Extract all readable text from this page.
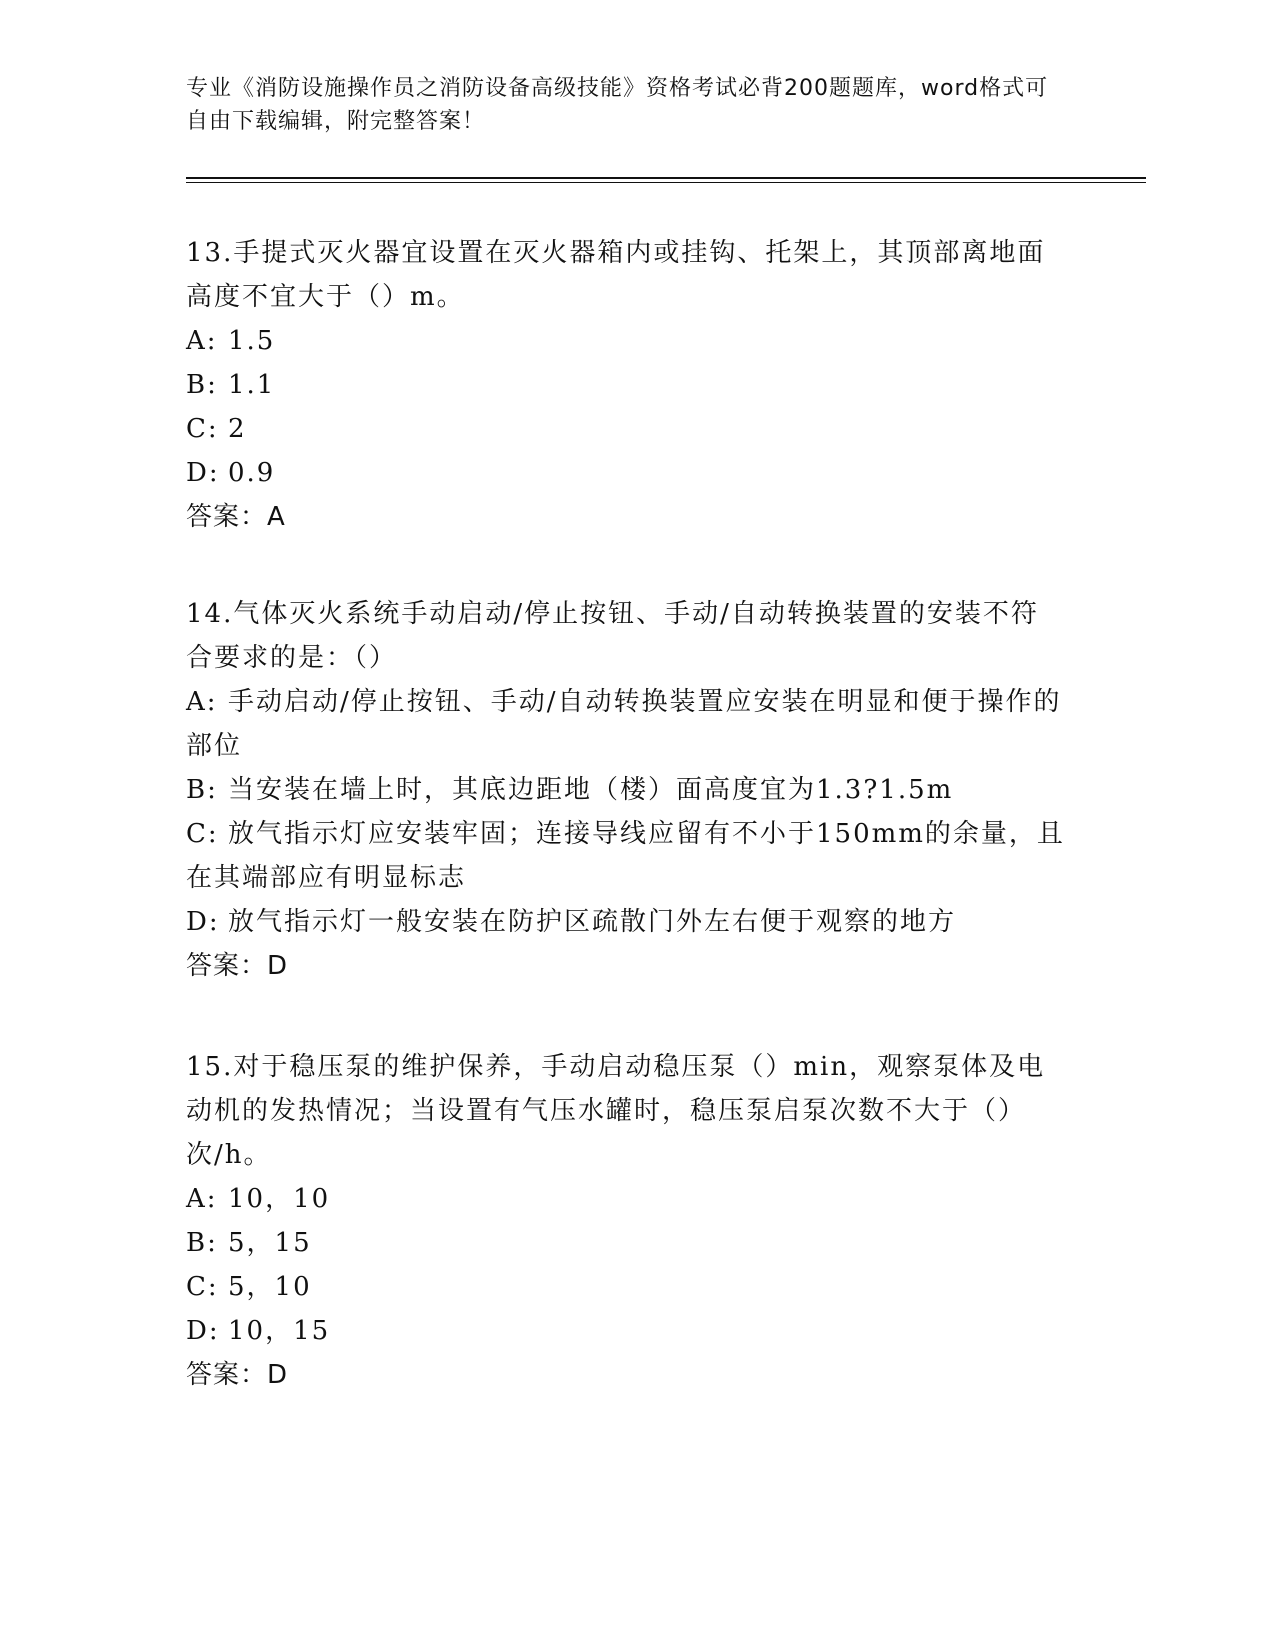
专业《消防设施操作员之消防设备高级技能》资格考试必背200题题库，word格式可自由下载编辑，附完整答案！

13.手提式灭火器宜设置在灭火器箱内或挂钩、托架上，其顶部离地面高度不宜大于（）m。

A: 1.5

B: 1.1

C: 2

D: 0.9

答案：A

14.气体灭火系统手动启动/停止按钮、手动/自动转换装置的安装不符合要求的是：（）

A: 手动启动/停止按钮、手动/自动转换装置应安装在明显和便于操作的部位

B: 当安装在墙上时，其底边距地（楼）面高度宜为1.3?1.5m

C: 放气指示灯应安装牢固；连接导线应留有不小于150mm的余量，且在其端部应有明显标志

D: 放气指示灯一般安装在防护区疏散门外左右便于观察的地方

答案：D

15.对于稳压泵的维护保养，手动启动稳压泵（）min，观察泵体及电动机的发热情况；当设置有气压水罐时，稳压泵启泵次数不大于（）次/h。

A: 10，10

B: 5，15

C: 5，10

D: 10，15

答案：D
